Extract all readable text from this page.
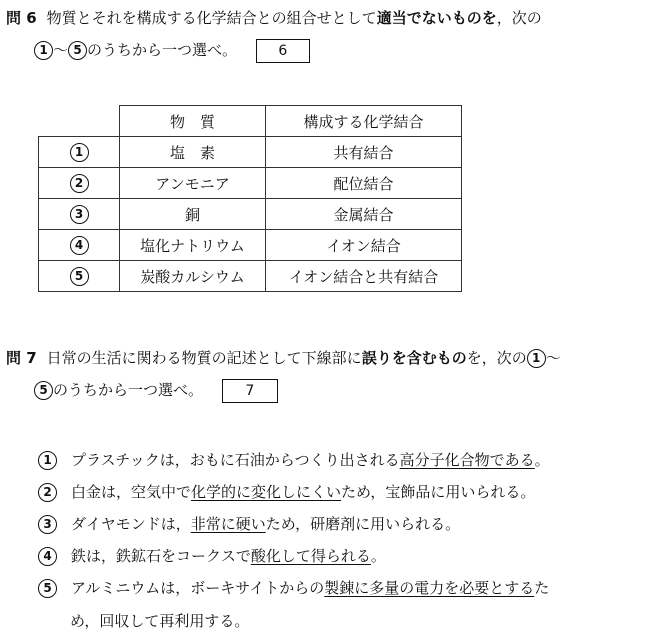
問 6 物質とそれを構成する化学結合との組合せとして適当でないものを，次の
1 〜 5 のうちから一つ選べ。	6
	物　質	構成する化学結合
1	塩　素	共有結合
2	アンモニア	配位結合
3	銅	金属結合
4	塩化ナトリウム	イオン結合
5	炭酸カルシウム	イオン結合と共有結合
問 7 日常の生活に関わる物質の記述として下線部に誤りを含むものを，次の 1 〜
5 のうちから一つ選べ。	7
1 プラスチックは，おもに石油からつくり出される高分子化合物である。
2 白金は，空気中で化学的に変化しにくいため，宝飾品に用いられる。
3 ダイヤモンドは，非常に硬いため，研磨剤に用いられる。
4 鉄は，鉄鉱石をコークスで酸化して得られる。
5 アルミニウムは，ボーキサイトからの製錬に多量の電力を必要とするた
め，回収して再利用する。
